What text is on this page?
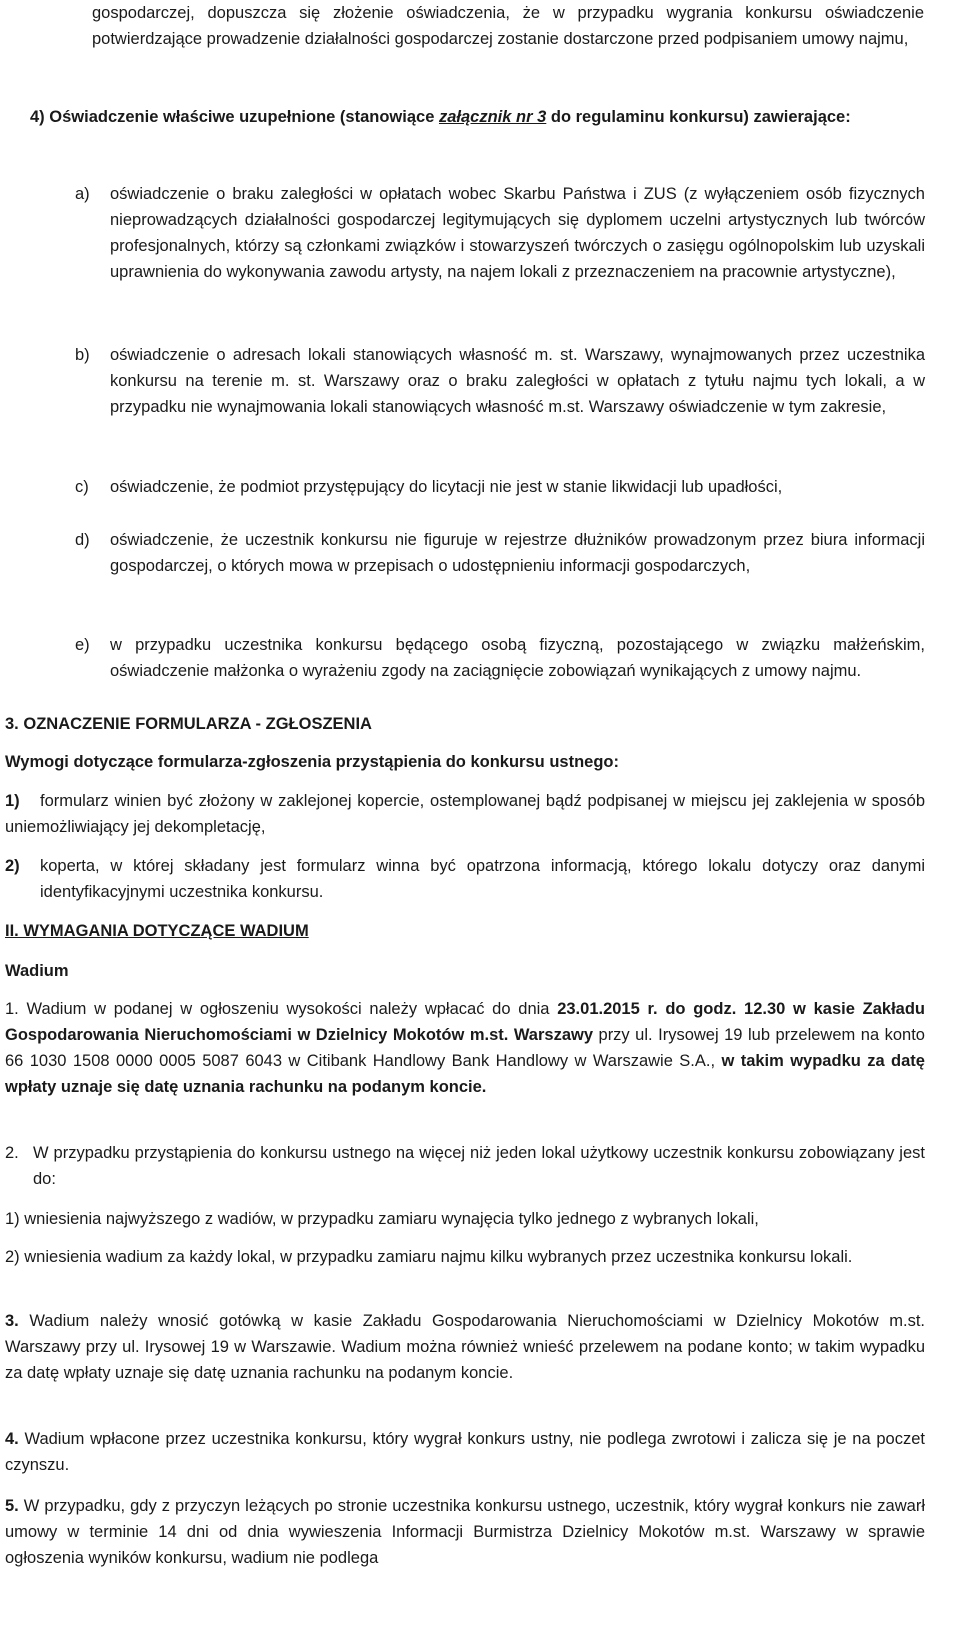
gospodarczej, dopuszcza się złożenie oświadczenia, że w przypadku wygrania konkursu oświadczenie potwierdzające prowadzenie działalności gospodarczej zostanie dostarczone przed podpisaniem umowy najmu,
4) Oświadczenie właściwe uzupełnione (stanowiące załącznik nr 3 do regulaminu konkursu) zawierające:
a) oświadczenie o braku zaległości w opłatach wobec Skarbu Państwa i ZUS (z wyłączeniem osób fizycznych nieprowadzących działalności gospodarczej legitymujących się dyplomem uczelni artystycznych lub twórców profesjonalnych, którzy są członkami związków i stowarzyszeń twórczych o zasięgu ogólnopolskim lub uzyskali uprawnienia do wykonywania zawodu artysty, na najem lokali z przeznaczeniem na pracownie artystyczne),
b) oświadczenie o adresach lokali stanowiących własność m. st. Warszawy, wynajmowanych przez uczestnika konkursu na terenie m. st. Warszawy oraz o braku zaległości w opłatach z tytułu najmu tych lokali, a w przypadku nie wynajmowania lokali stanowiących własność m.st. Warszawy oświadczenie w tym zakresie,
c) oświadczenie, że podmiot przystępujący do licytacji nie jest w stanie likwidacji lub upadłości,
d) oświadczenie, że uczestnik konkursu nie figuruje w rejestrze dłużników prowadzonym przez biura informacji gospodarczej, o których mowa w przepisach o udostępnieniu informacji gospodarczych,
e) w przypadku uczestnika konkursu będącego osobą fizyczną, pozostającego w związku małżeńskim, oświadczenie małżonka o wyrażeniu zgody na zaciągnięcie zobowiązań wynikających z umowy najmu.
3. OZNACZENIE FORMULARZA - ZGŁOSZENIA
Wymogi dotyczące formularza-zgłoszenia przystąpienia do konkursu ustnego:
1)	formularz winien być złożony w zaklejonej kopercie, ostemplowanej bądź podpisanej w miejscu jej zaklejenia w sposób uniemożliwiający jej dekompletację,
2) koperta, w której składany jest formularz winna być opatrzona informacją, którego lokalu dotyczy oraz danymi identyfikacyjnymi uczestnika konkursu.
II. WYMAGANIA DOTYCZĄCE WADIUM
Wadium
1. Wadium w podanej w ogłoszeniu wysokości należy wpłacać do dnia 23.01.2015 r. do godz. 12.30 w kasie Zakładu Gospodarowania Nieruchomościami w Dzielnicy Mokotów m.st. Warszawy przy ul. Irysowej 19 lub przelewem na konto 66 1030 1508 0000 0005 5087 6043 w Citibank Handlowy Bank Handlowy w Warszawie S.A., w takim wypadku za datę wpłaty uznaje się datę uznania rachunku na podanym koncie.
2. W przypadku przystąpienia do konkursu ustnego na więcej niż jeden lokal użytkowy uczestnik konkursu zobowiązany jest do:
1) wniesienia najwyższego z wadiów, w przypadku zamiaru wynajęcia tylko jednego z wybranych lokali,
2) wniesienia wadium za każdy lokal, w przypadku zamiaru najmu kilku wybranych przez uczestnika konkursu lokali.
3. Wadium należy wnosić gotówką w kasie Zakładu Gospodarowania Nieruchomościami w Dzielnicy Mokotów m.st. Warszawy przy ul. Irysowej 19 w Warszawie. Wadium można również wnieść przelewem na podane konto; w takim wypadku za datę wpłaty uznaje się datę uznania rachunku na podanym koncie.
4. Wadium wpłacone przez uczestnika konkursu, który wygrał konkurs ustny, nie podlega zwrotowi i zalicza się je na poczet czynszu.
5. W przypadku, gdy z przyczyn leżących po stronie uczestnika konkursu ustnego, uczestnik, który wygrał konkurs nie zawarł umowy w terminie 14 dni od dnia wywieszenia Informacji Burmistrza Dzielnicy Mokotów m.st. Warszawy w sprawie ogłoszenia wyników konkursu, wadium nie podlega
